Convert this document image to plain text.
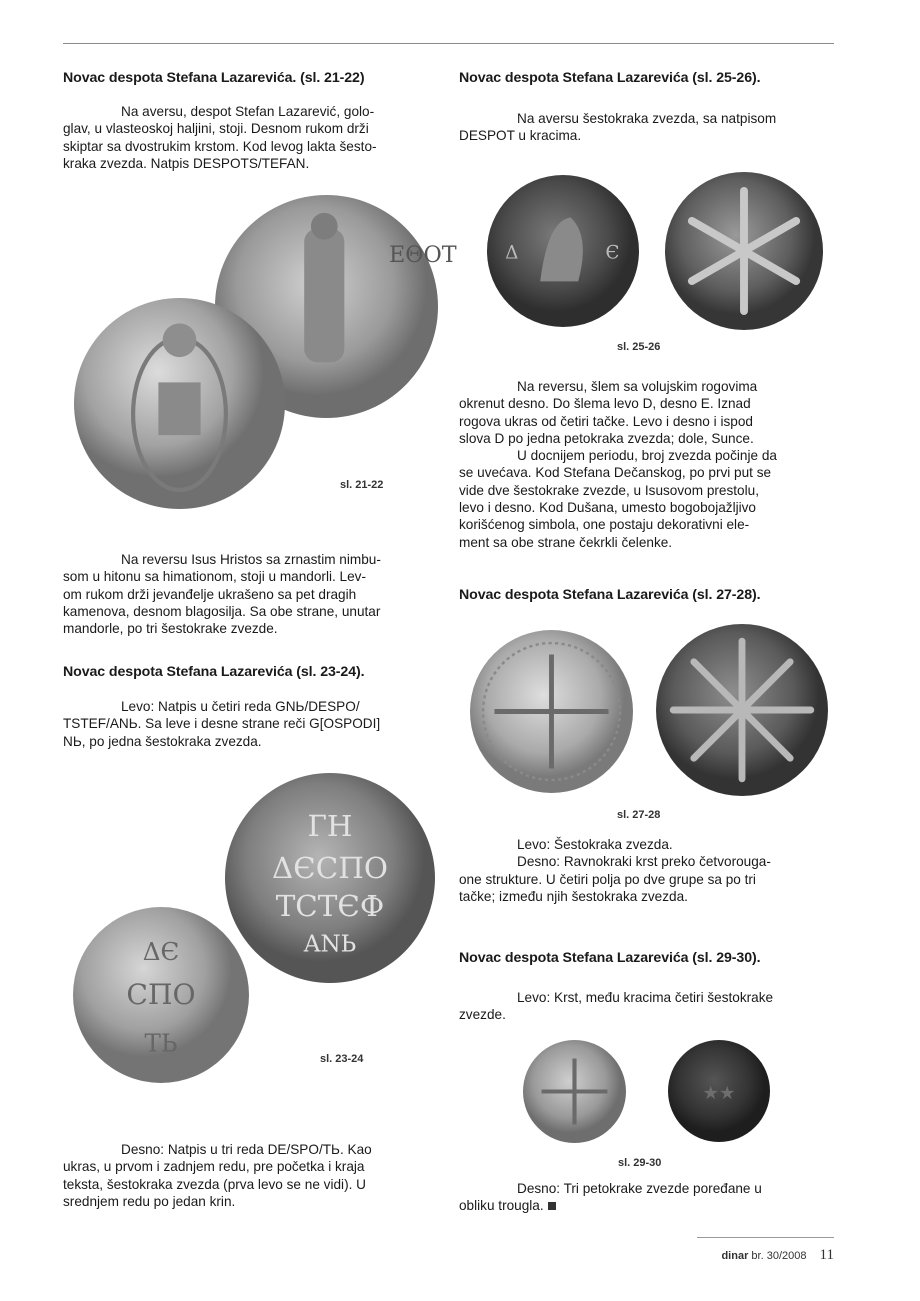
Novac despota Stefana Lazarevića. (sl. 21-22)

Na aversu, despot Stefan Lazarević, golo-

glav, u vlasteoskoj haljini, stoji. Desnom rukom drži

skiptar sa dvostrukim krstom. Kod levog lakta šesto-

kraka zvezda. Natpis DESPOTS/TEFAN.

ЕΘОТ
sl. 21-22

Na reversu Isus Hristos sa zrnastim nimbu-

som u hitonu sa himationom, stoji u mandorli. Lev-

om rukom drži jevanđelje ukrašeno sa pet dragih

kamenova, desnom blagosilja. Sa obe strane, unutar

mandorle, po tri šestokrake zvezde.

Novac despota Stefana Lazarevića (sl. 23-24).

Levo: Natpis u četiri reda GNЬ/DESPO/

TSTEF/ANЬ. Sa leve i desne strane reči G[OSPODI]

NЬ, po jedna šestokraka zvezda.

ГН
ΔЄСПО
ТСТЄФ
ΑΝЬ
ΔЄ
СПО
ТЬ
sl. 23-24

Desno: Natpis u tri reda DE/SPO/TЬ. Kao

ukras, u prvom i zadnjem redu, pre početka i kraja

teksta, šestokraka zvezda (prva levo se ne vidi). U

srednjem redu po jedan krin.

Novac despota Stefana Lazarevića (sl. 25-26).

Na aversu šestokraka zvezda, sa natpisom

DESPOT u kracima.

Є
Δ
sl. 25-26

Na reversu, šlem sa volujskim rogovima

okrenut desno. Do šlema levo D, desno E. Iznad

rogova ukras od četiri tačke. Levo i desno i ispod

slova D po jedna petokraka zvezda; dole, Sunce.

U docnijem periodu, broj zvezda počinje da

se uvećava. Kod Stefana Dečanskog, po prvi put se

vide dve šestokrake zvezde, u Isusovom prestolu,

levo i desno. Kod Dušana, umesto bogobojažljivo

korišćenog simbola, one postaju dekorativni ele-

ment sa obe strane čekrkli čelenke.

Novac despota Stefana Lazarevića (sl. 27-28).
sl. 27-28

Levo: Šestokraka zvezda.

Desno: Ravnokraki krst preko četvorouga-

one strukture. U četiri polja po dve grupe sa po tri

tačke; između njih šestokraka zvezda.

Novac despota Stefana Lazarevića (sl. 29-30).

Levo: Krst, među kracima četiri šestokrake

zvezde.

★★
sl. 29-30

Desno: Tri petokrake zvezde poređane u

obliku trougla.

dinar br. 30/2008 11
